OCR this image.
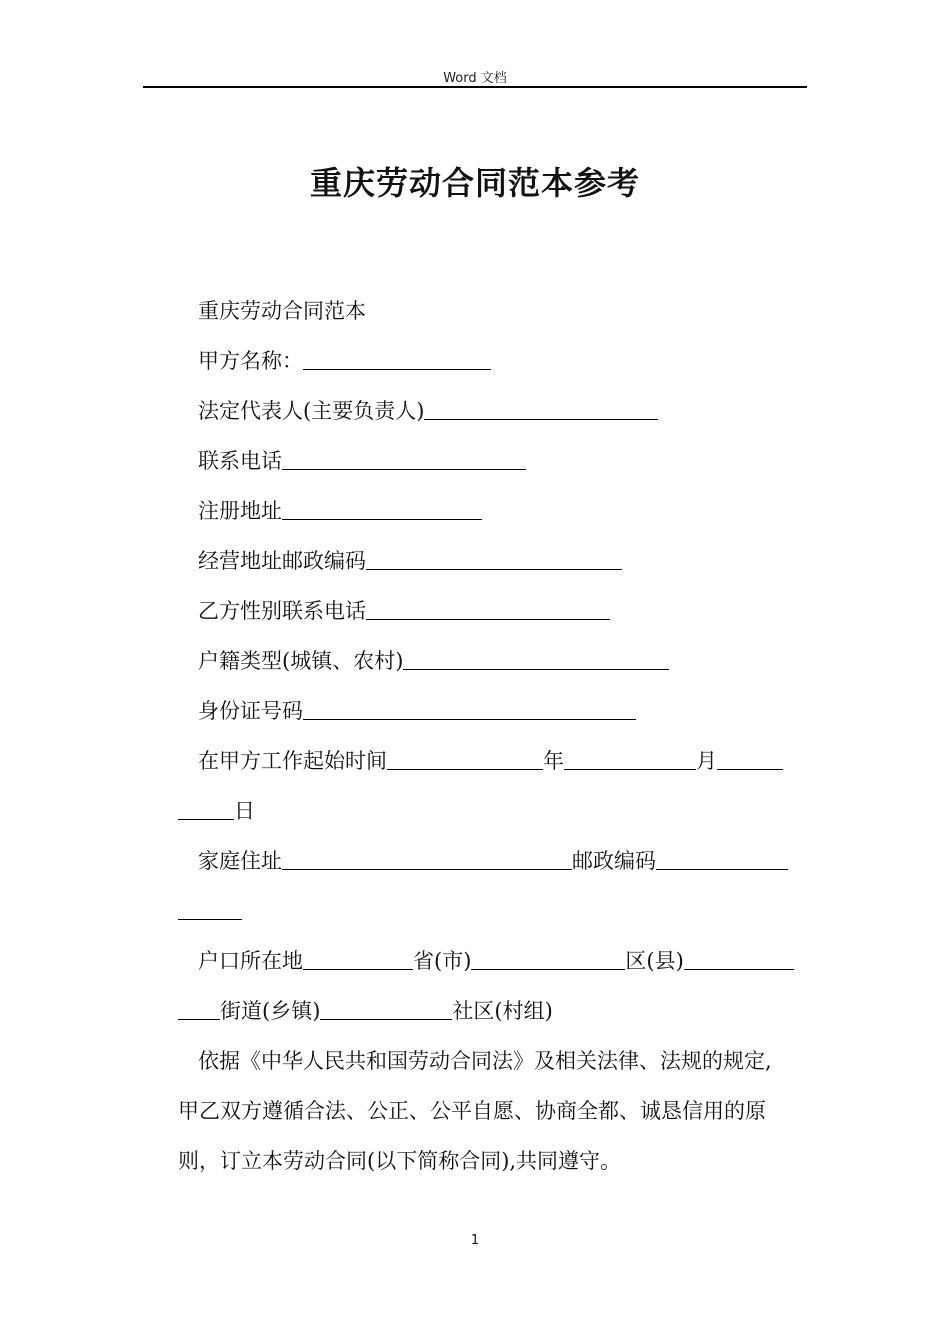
Word 文档
重庆劳动合同范本参考
重庆劳动合同范本
甲方名称：
法定代表人(主要负责人)
联系电话
注册地址
经营地址邮政编码
乙方性别联系电话
户籍类型(城镇、农村)
身份证号码
在甲方工作起始时间	年	月
日
家庭住址	邮政编码
户口所在地	省(市)	区(县)
街道(乡镇)	社区(村组)
依据《中华人民共和国劳动合同法》及相关法律、法规的规定,
甲乙双方遵循合法、公正、公平自愿、协商全都、诚恳信用的原
则，订立本劳动合同(以下简称合同),共同遵守。
1
